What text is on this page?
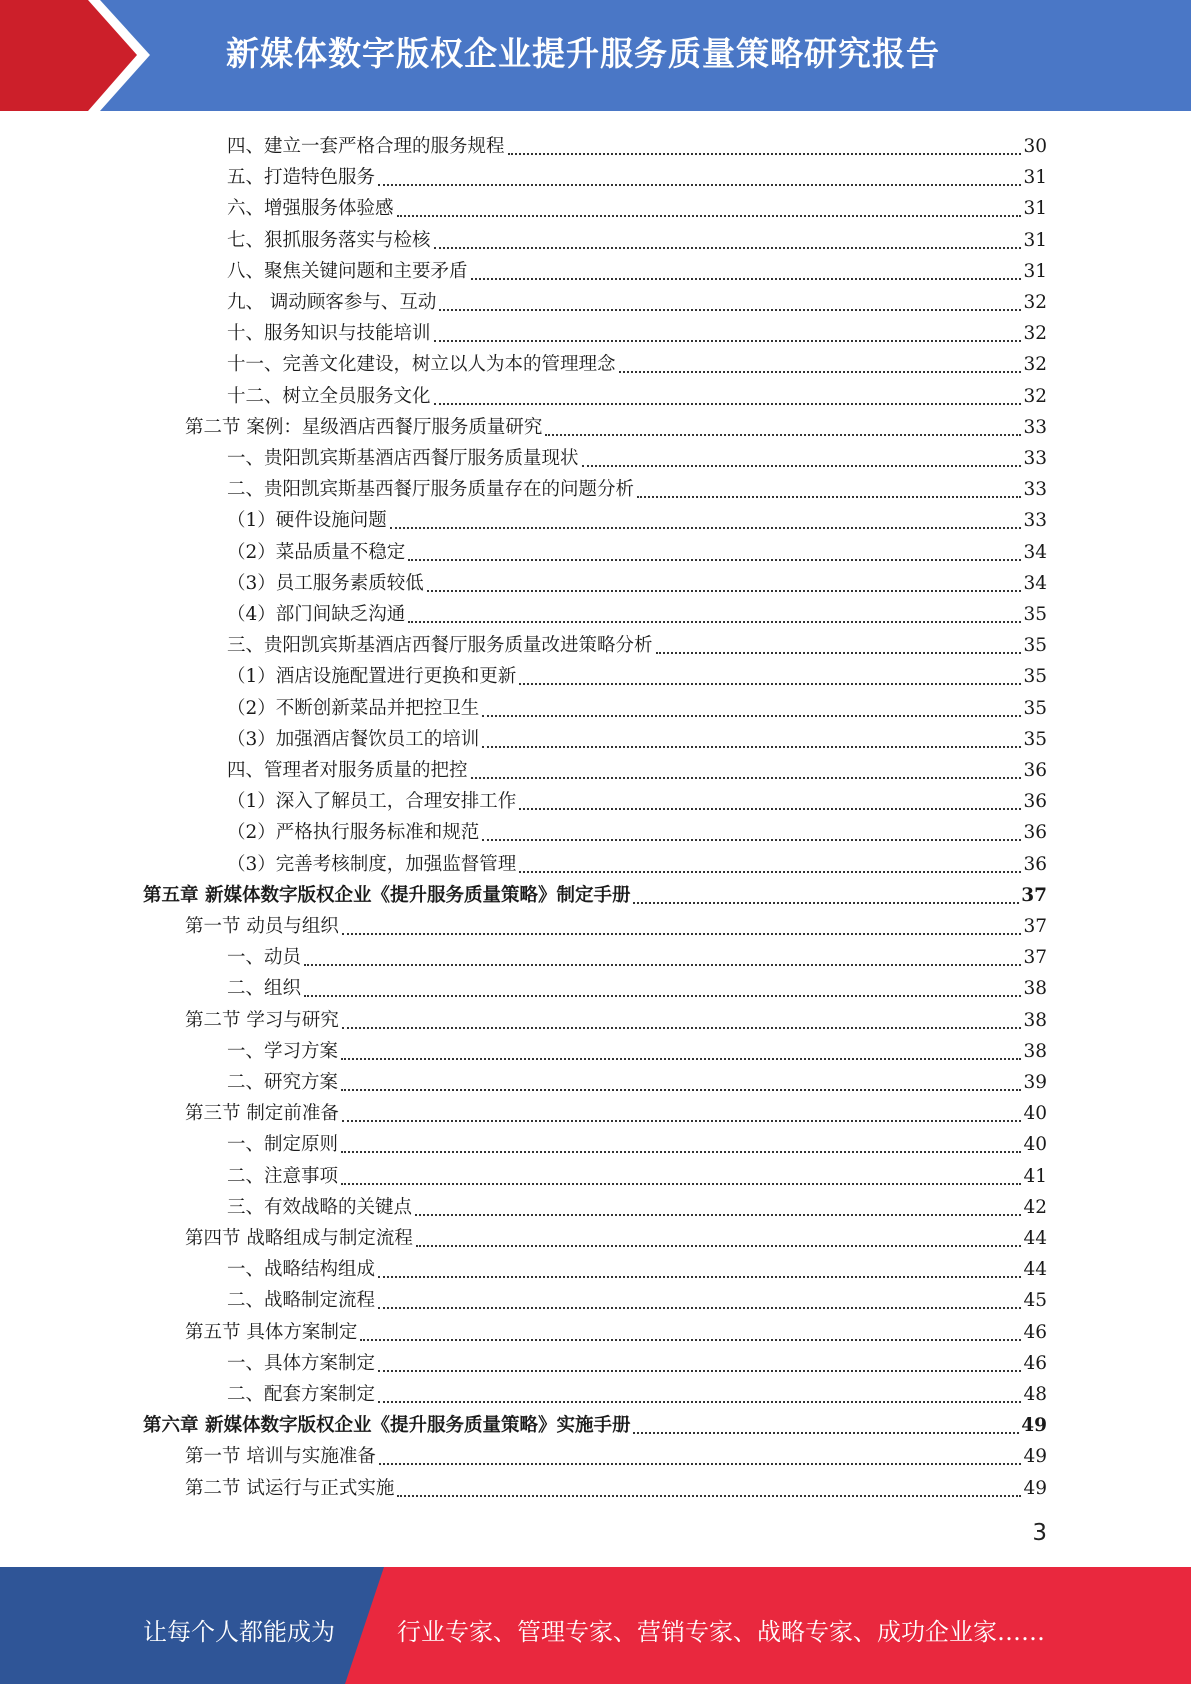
新媒体数字版权企业提升服务质量策略研究报告
四、建立一套严格合理的服务规程	30
五、打造特色服务	31
六、增强服务体验感	31
七、狠抓服务落实与检核	31
八、聚焦关键问题和主要矛盾	31
九、 调动顾客参与、互动	32
十、服务知识与技能培训	32
十一、完善文化建设，树立以人为本的管理理念	32
十二、树立全员服务文化	32
第二节 案例：星级酒店西餐厅服务质量研究	33
一、贵阳凯宾斯基酒店西餐厅服务质量现状	33
二、贵阳凯宾斯基西餐厅服务质量存在的问题分析	33
（1）硬件设施问题	33
（2）菜品质量不稳定	34
（3）员工服务素质较低	34
（4）部门间缺乏沟通	35
三、贵阳凯宾斯基酒店西餐厅服务质量改进策略分析	35
（1）酒店设施配置进行更换和更新	35
（2）不断创新菜品并把控卫生	35
（3）加强酒店餐饮员工的培训	35
四、管理者对服务质量的把控	36
（1）深入了解员工，合理安排工作	36
（2）严格执行服务标准和规范	36
（3）完善考核制度，加强监督管理	36
第五章 新媒体数字版权企业《提升服务质量策略》制定手册	37
第一节 动员与组织	37
一、动员	37
二、组织	38
第二节 学习与研究	38
一、学习方案	38
二、研究方案	39
第三节 制定前准备	40
一、制定原则	40
二、注意事项	41
三、有效战略的关键点	42
第四节 战略组成与制定流程	44
一、战略结构组成	44
二、战略制定流程	45
第五节 具体方案制定	46
一、具体方案制定	46
二、配套方案制定	48
第六章 新媒体数字版权企业《提升服务质量策略》实施手册	49
第一节 培训与实施准备	49
第二节 试运行与正式实施	49
3
让每个人都能成为	行业专家、管理专家、营销专家、战略专家、成功企业家……
